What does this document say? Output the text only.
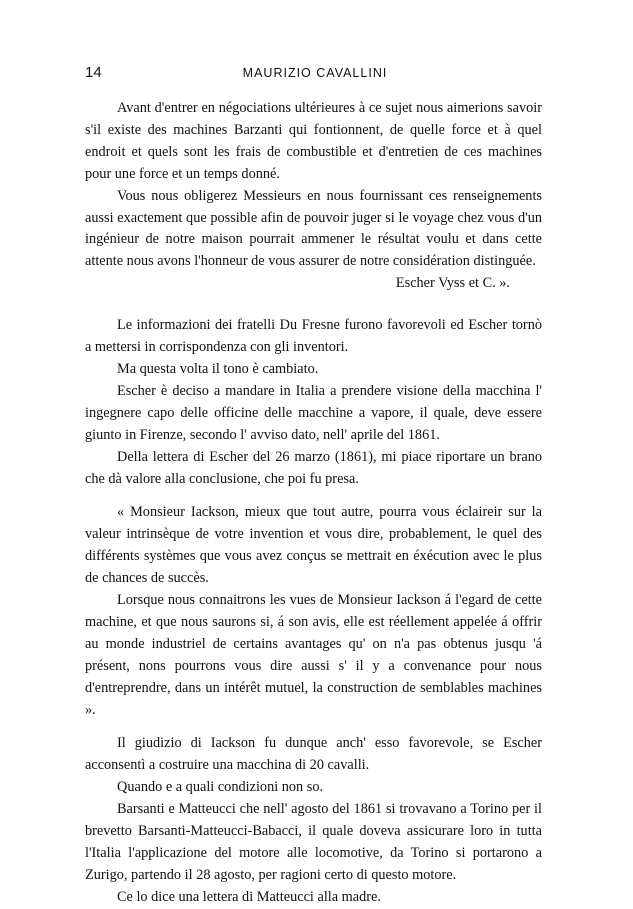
14	MAURIZIO CAVALLINI

Avant d'entrer en négociations ultérieures à ce sujet nous aimerions savoir s'il existe des machines Barzanti qui fontionnent, de quelle force et à quel endroit et quels sont les frais de combustible et d'entretien de ces machines pour une force et un temps donné.

Vous nous obligerez Messieurs en nous fournissant ces renseignements aussi exactement que possible afin de pouvoir juger si le voyage chez vous d'un ingénieur de notre maison pourrait ammener le résultat voulu et dans cette attente nous avons l'honneur de vous assurer de notre considération distinguée.

Escher Vyss et C. ».

Le informazioni dei fratelli Du Fresne furono favorevoli ed Escher tornò a mettersi in corrispondenza con gli inventori.

Ma questa volta il tono è cambiato.

Escher è deciso a mandare in Italia a prendere visione della macchina l' ingegnere capo delle officine delle macchine a vapore, il quale, deve essere giunto in Firenze, secondo l' avviso dato, nell' aprile del 1861.

Della lettera di Escher del 26 marzo (1861), mi piace riportare un brano che dà valore alla conclusione, che poi fu presa.

« Monsieur Iackson, mieux que tout autre, pourra vous éclaireir sur la valeur intrinsèque de votre invention et vous dire, probablement, le quel des différents systèmes que vous avez conçus se mettrait en éxécution avec le plus de chances de succès.

Lorsque nous connaitrons les vues de Monsieur Iackson á l'egard de cette machine, et que nous saurons si, á son avis, elle est réellement appelée á offrir au monde industriel de certains avantages qu' on n'a pas obtenus jusqu 'á présent, nons pourrons vous dire aussi s' il y a convenance pour nous d'entreprendre, dans un intérêt mutuel, la construction de semblables machines ».

Il giudizio di Iackson fu dunque anch' esso favorevole, se Escher acconsentì a costruire una macchina di 20 cavalli.

Quando e a quali condizioni non so.

Barsanti e Matteucci che nell' agosto del 1861 si trovavano a Torino per il brevetto Barsanti-Matteucci-Babacci, il quale doveva assicurare loro in tutta l'Italia l'applicazione del motore alle locomotive, da Torino si portarono a Zurigo, partendo il 28 agosto, per ragioni certo di questo motore.

Ce lo dice una lettera di Matteucci alla madre.
